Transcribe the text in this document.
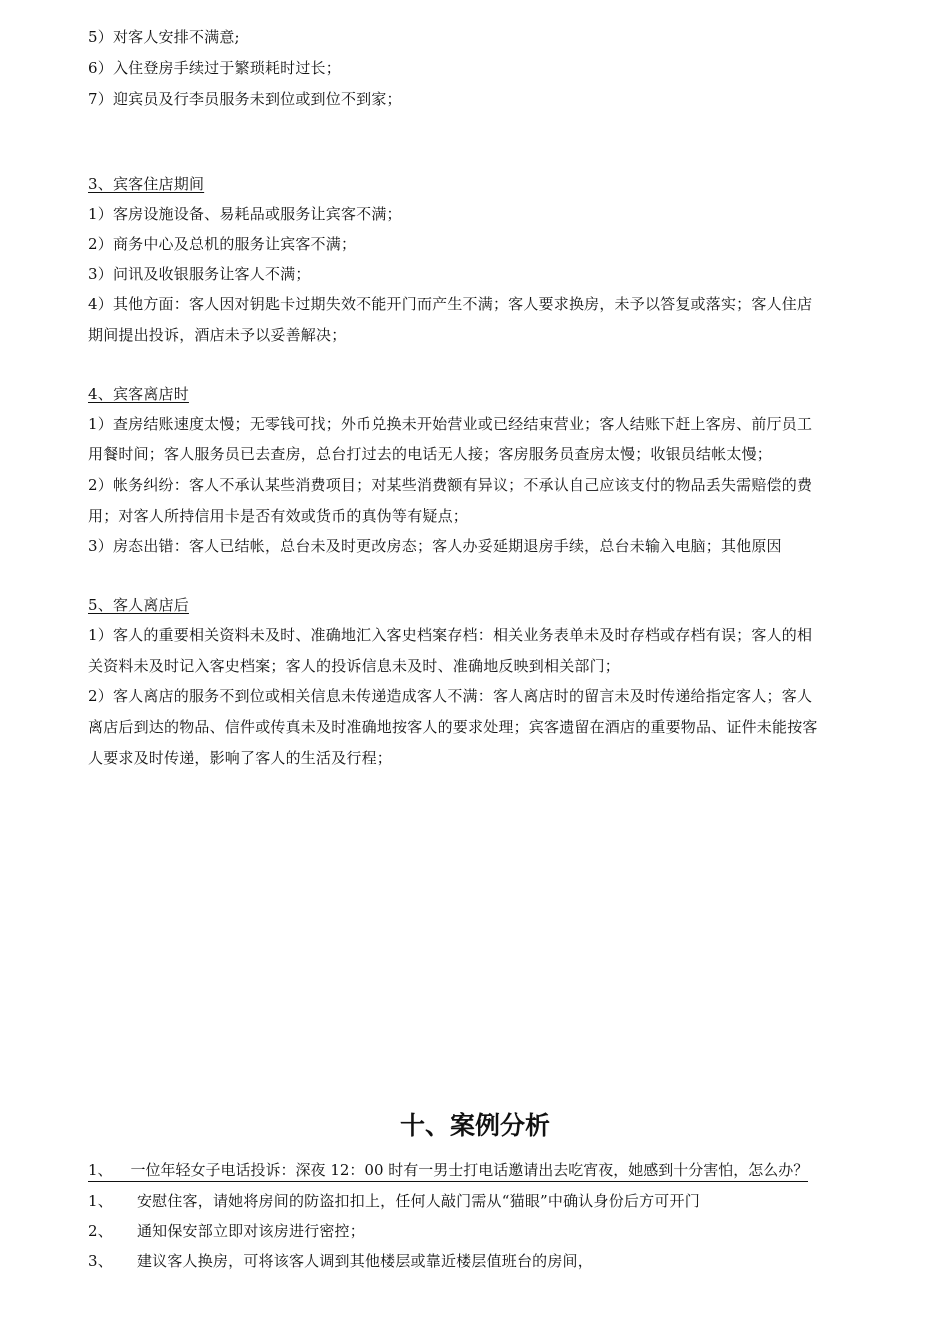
5）对客人安排不满意;
6）入住登房手续过于繁琐耗时过长；
7）迎宾员及行李员服务未到位或到位不到家；
3、宾客住店期间
1）客房设施设备、易耗品或服务让宾客不满；
2）商务中心及总机的服务让宾客不满；
3）问讯及收银服务让客人不满；
4）其他方面：客人因对钥匙卡过期失效不能开门而产生不满；客人要求换房，未予以答复或落实；客人住店
期间提出投诉，酒店未予以妥善解决；
4、宾客离店时
1）查房结账速度太慢；无零钱可找；外币兑换未开始营业或已经结束营业；客人结账下赶上客房、前厅员工
用餐时间；客人服务员已去查房，总台打过去的电话无人接；客房服务员查房太慢；收银员结帐太慢；
2）帐务纠纷：客人不承认某些消费项目；对某些消费额有异议；不承认自己应该支付的物品丢失需赔偿的费
用；对客人所持信用卡是否有效或货币的真伪等有疑点；
3）房态出错：客人已结帐，总台未及时更改房态；客人办妥延期退房手续，总台未输入电脑；其他原因
5、客人离店后
1）客人的重要相关资料未及时、准确地汇入客史档案存档：相关业务表单未及时存档或存档有误；客人的相
关资料未及时记入客史档案；客人的投诉信息未及时、准确地反映到相关部门；
2）客人离店的服务不到位或相关信息未传递造成客人不满：客人离店时的留言未及时传递给指定客人；客人
离店后到达的物品、信件或传真未及时准确地按客人的要求处理；宾客遗留在酒店的重要物品、证件未能按客
人要求及时传递，影响了客人的生活及行程；
十、案例分析
1、 一位年轻女子电话投诉：深夜 12：00 时有一男士打电话邀请出去吃宵夜，她感到十分害怕，怎么办？
1、 安慰住客，请她将房间的防盗扣扣上，任何人敲门需从“猫眼”中确认身份后方可开门
2、 通知保安部立即对该房进行密控；
3、 建议客人换房，可将该客人调到其他楼层或靠近楼层值班台的房间，
